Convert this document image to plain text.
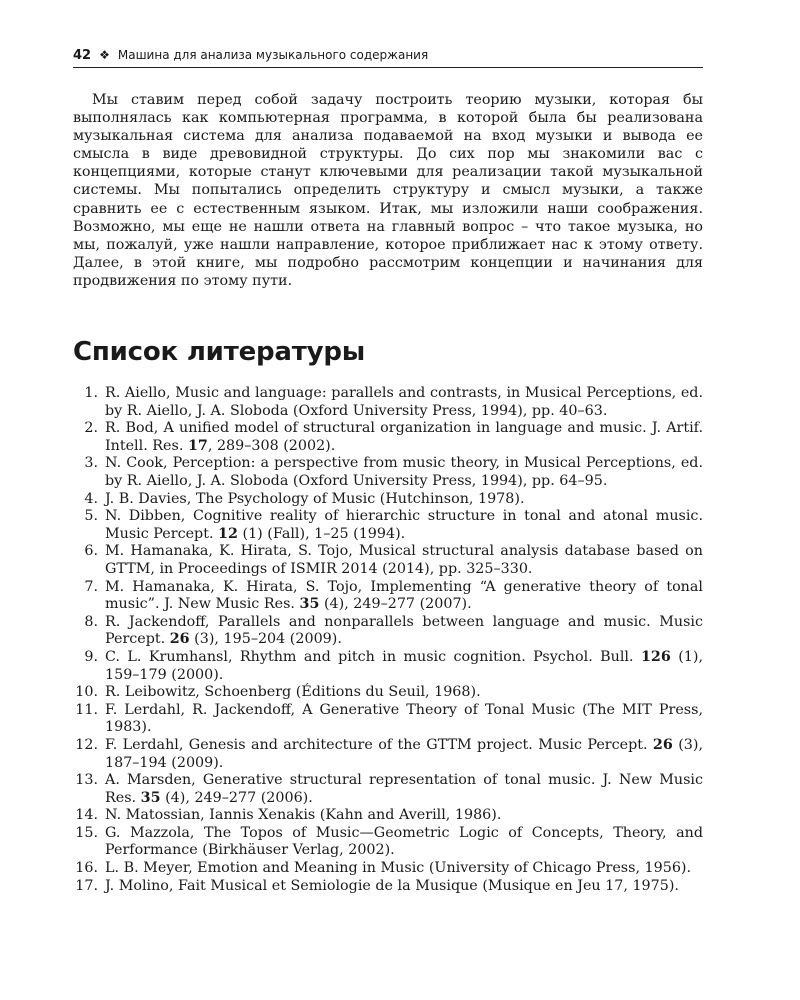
42 ❖ Машина для анализа музыкального содержания

Мы ставим перед собой задачу построить теорию музыки, которая бы выполнялась как компьютерная программа, в которой была бы реализована музыкальная система для анализа подаваемой на вход музыки и вывода ее смысла в виде древовидной структуры. До сих пор мы знакомили вас с концепциями, которые станут ключевыми для реализации такой музыкальной системы. Мы попытались определить структуру и смысл музыки, а также сравнить ее с естественным языком. Итак, мы изложили наши соображения. Возможно, мы еще не нашли ответа на главный вопрос – что такое музыка, но мы, пожалуй, уже нашли направление, которое приближает нас к этому ответу. Далее, в этой книге, мы подробно рассмотрим концепции и начинания для продвижения по этому пути.

Список литературы
1. R. Aiello, Music and language: parallels and contrasts, in Musical Perceptions, ed. by R. Aiello, J. A. Sloboda (Oxford University Press, 1994), pp. 40–63.
2. R. Bod, A unified model of structural organization in language and music. J. Artif. Intell. Res. 17, 289–308 (2002).
3. N. Cook, Perception: a perspective from music theory, in Musical Perceptions, ed. by R. Aiello, J. A. Sloboda (Oxford University Press, 1994), pp. 64–95.
4. J. B. Davies, The Psychology of Music (Hutchinson, 1978).
5. N. Dibben, Cognitive reality of hierarchic structure in tonal and atonal music. Music Percept. 12 (1) (Fall), 1–25 (1994).
6. M. Hamanaka, K. Hirata, S. Tojo, Musical structural analysis database based on GTTM, in Proceedings of ISMIR 2014 (2014), pp. 325–330.
7. M. Hamanaka, K. Hirata, S. Tojo, Implementing “A generative theory of tonal music”. J. New Music Res. 35 (4), 249–277 (2007).
8. R. Jackendoff, Parallels and nonparallels between language and music. Music Percept. 26 (3), 195–204 (2009).
9. C. L. Krumhansl, Rhythm and pitch in music cognition. Psychol. Bull. 126 (1), 159–179 (2000).
10. R. Leibowitz, Schoenberg (Éditions du Seuil, 1968).
11. F. Lerdahl, R. Jackendoff, A Generative Theory of Tonal Music (The MIT Press, 1983).
12. F. Lerdahl, Genesis and architecture of the GTTM project. Music Percept. 26 (3), 187–194 (2009).
13. A. Marsden, Generative structural representation of tonal music. J. New Music Res. 35 (4), 249–277 (2006).
14. N. Matossian, Iannis Xenakis (Kahn and Averill, 1986).
15. G. Mazzola, The Topos of Music—Geometric Logic of Concepts, Theory, and Performance (Birkhäuser Verlag, 2002).
16. L. B. Meyer, Emotion and Meaning in Music (University of Chicago Press, 1956).
17. J. Molino, Fait Musical et Semiologie de la Musique (Musique en Jeu 17, 1975).
